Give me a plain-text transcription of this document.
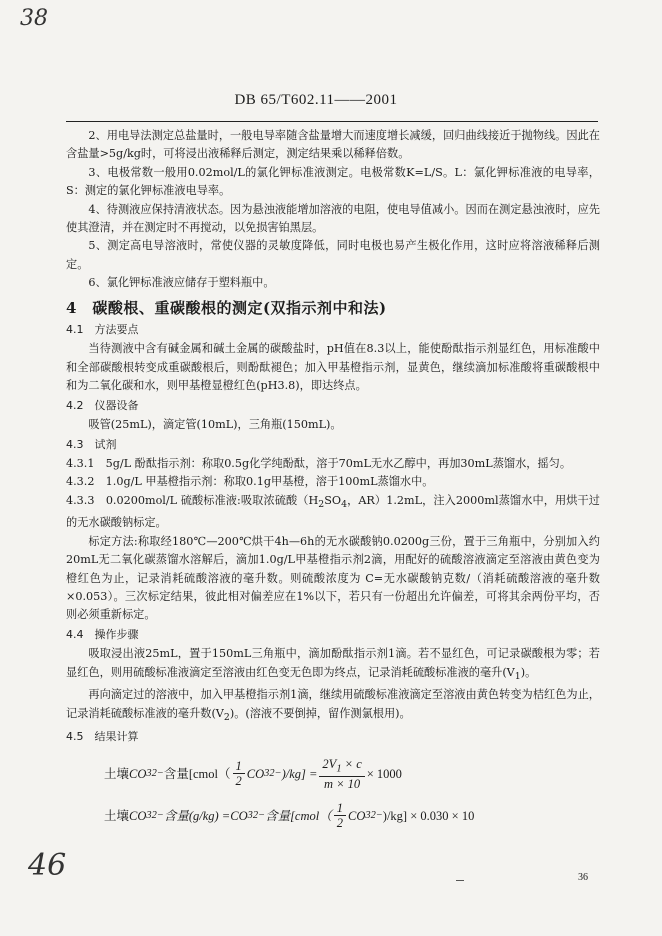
38
DB 65/T602.11——2001

2、用电导法测定总盐量时，一般电导率随含盐量增大而速度增长减缓，回归曲线接近于抛物线。因此在含盐量>5g/kg时，可将浸出液稀释后测定，测定结果乘以稀释倍数。

3、电极常数一般用0.02mol/L的氯化钾标准液测定。电极常数K=L/S。L：氯化钾标准液的电导率，S：测定的氯化钾标准液电导率。

4、待测液应保持清液状态。因为悬浊液能增加溶液的电阻，使电导值减小。因而在测定悬浊液时，应先使其澄清，并在测定时不再搅动，以免损害铂黑层。

5、测定高电导溶液时，常使仪器的灵敏度降低，同时电极也易产生极化作用，这时应将溶液稀释后测定。

6、氯化钾标准液应储存于塑料瓶中。

4　碳酸根、重碳酸根的测定(双指示剂中和法)

4.1　方法要点

当待测液中含有碱金属和碱土金属的碳酸盐时，pH值在8.3以上，能使酚酞指示剂显红色，用标准酸中和全部碳酸根转变成重碳酸根后，则酚酞褪色；加入甲基橙指示剂，显黄色，继续滴加标准酸将重碳酸根中和为二氧化碳和水，则甲基橙显橙红色(pH3.8)，即达终点。

4.2　仪器设备

吸管(25mL)，滴定管(10mL)，三角瓶(150mL)。

4.3　试剂

4.3.1　5g/L 酚酞指示剂：称取0.5g化学纯酚酞，溶于70mL无水乙醇中，再加30mL蒸馏水，摇匀。

4.3.2　1.0g/L 甲基橙指示剂：称取0.1g甲基橙，溶于100mL蒸馏水中。

4.3.3　0.0200mol/L 硫酸标准液:吸取浓硫酸（$H_2SO_4$，AR）1.2mL，注入2000ml蒸馏水中，用烘干过的无水碳酸钠标定。

标定方法:称取经180℃—200℃烘干4h—6h的无水碳酸钠0.0200g三份，置于三角瓶中，分别加入约20mL无二氧化碳蒸馏水溶解后，滴加1.0g/L甲基橙指示剂2滴，用配好的硫酸溶液滴定至溶液由黄色变为橙红色为止，记录消耗硫酸溶液的毫升数。则硫酸浓度为 C=无水碳酸钠克数/（消耗硫酸溶液的毫升数×0.053）。三次标定结果，彼此相对偏差应在1%以下，若只有一份超出允许偏差，可将其余两份平均，否则必须重新标定。

4.4　操作步骤

吸取浸出液25mL，置于150mL三角瓶中，滴加酚酞指示剂1滴。若不显红色，可记录碳酸根为零；若显红色，则用硫酸标准液滴定至溶液由红色变无色即为终点，记录消耗硫酸标准液的毫升$(V_1)$。

再向滴定过的溶液中，加入甲基橙指示剂1滴，继续用硫酸标准液滴定至溶液由黄色转变为桔红色为止，记录消耗硫酸标准液的毫升数$(V_2)$。(溶液不要倒掉，留作测氯根用)。

4.5　结果计算

土壤 CO 3 2− 含量[cmol（ $\frac{1}{2}$ CO 3 $2- )/kg] = \frac{2V_1 \times c}{m \times 10} \times 1000$
土壤 CO 3 2− 含量(g/kg) = CO 3 2− 含量[cmol（ $\frac{1}{2}$ CO 3 2− )/kg] × 0.030 × 10
46	36
